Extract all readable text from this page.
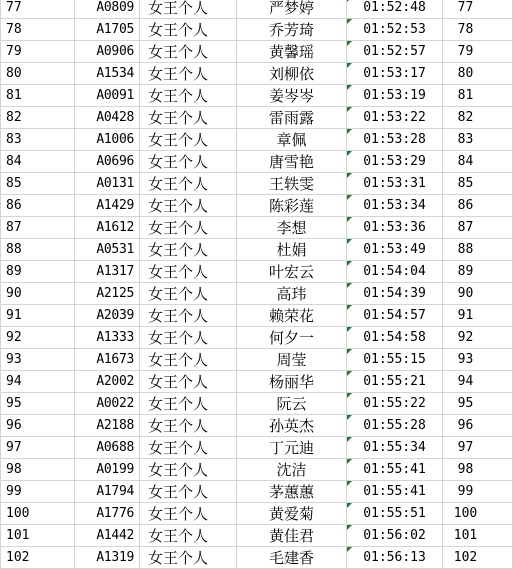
77	A0809	女王个人	严梦婷	01:52:48	77
78	A1705	女王个人	乔芳琦	01:52:53	78
79	A0906	女王个人	黄馨瑶	01:52:57	79
80	A1534	女王个人	刘柳依	01:53:17	80
81	A0091	女王个人	姜岑岑	01:53:19	81
82	A0428	女王个人	雷雨露	01:53:22	82
83	A1006	女王个人	章佩	01:53:28	83
84	A0696	女王个人	唐雪艳	01:53:29	84
85	A0131	女王个人	王轶雯	01:53:31	85
86	A1429	女王个人	陈彩莲	01:53:34	86
87	A1612	女王个人	李想	01:53:36	87
88	A0531	女王个人	杜娟	01:53:49	88
89	A1317	女王个人	叶宏云	01:54:04	89
90	A2125	女王个人	高玮	01:54:39	90
91	A2039	女王个人	赖荣花	01:54:57	91
92	A1333	女王个人	何夕一	01:54:58	92
93	A1673	女王个人	周莹	01:55:15	93
94	A2002	女王个人	杨丽华	01:55:21	94
95	A0022	女王个人	阮云	01:55:22	95
96	A2188	女王个人	孙英杰	01:55:28	96
97	A0688	女王个人	丁元迪	01:55:34	97
98	A0199	女王个人	沈洁	01:55:41	98
99	A1794	女王个人	茅蕙蕙	01:55:41	99
100	A1776	女王个人	黄爱菊	01:55:51	100
101	A1442	女王个人	黄佳君	01:56:02	101
102	A1319	女王个人	毛建香	01:56:13	102
